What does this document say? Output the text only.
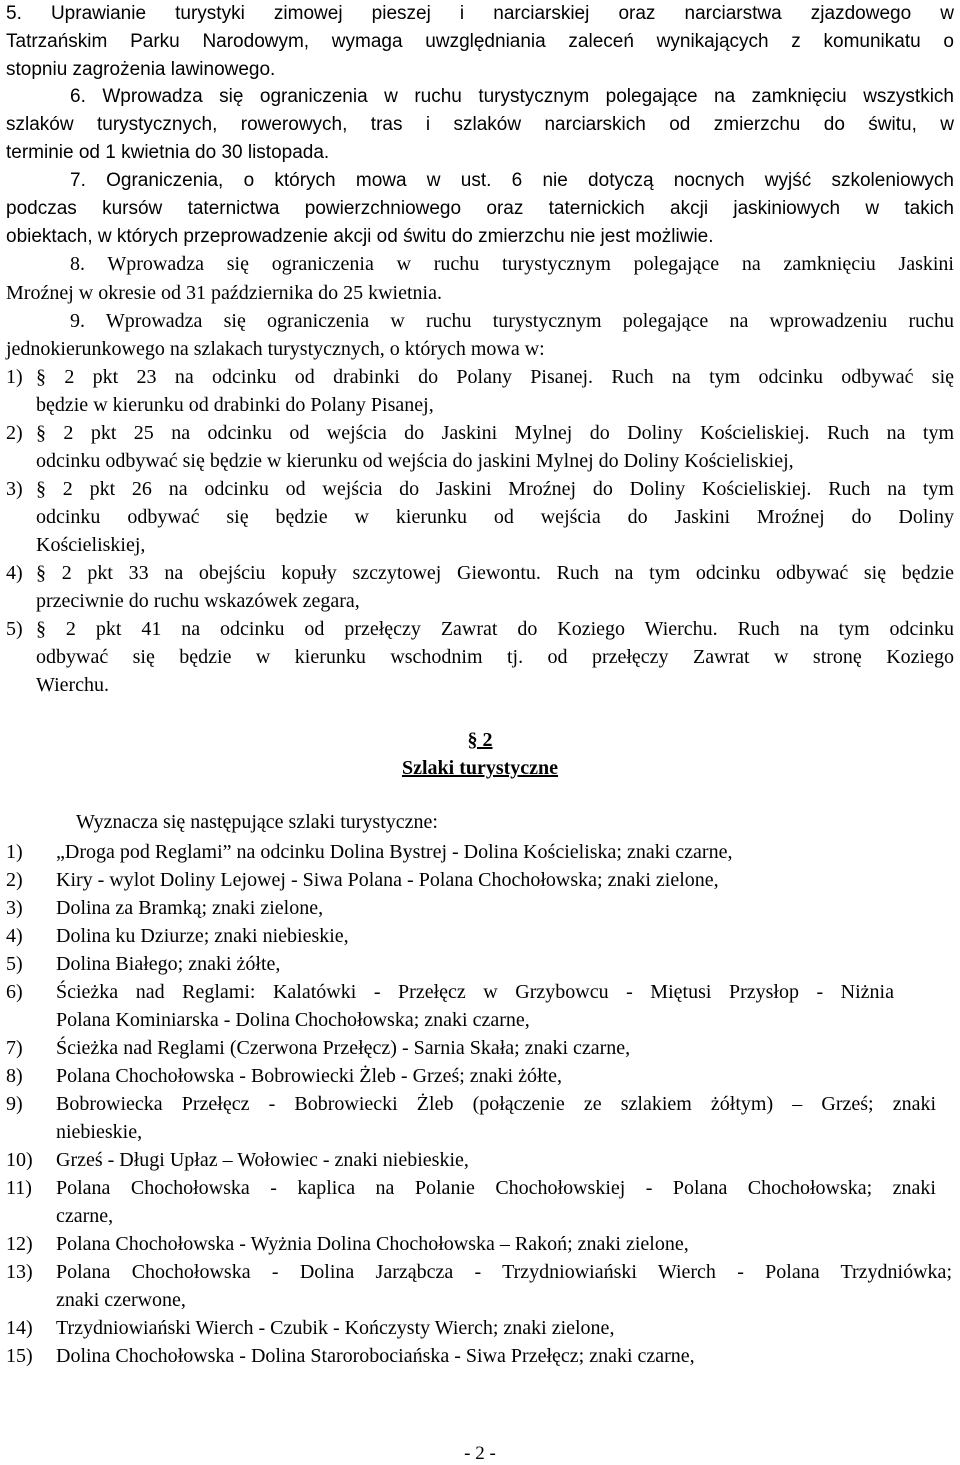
5. Uprawianie turystyki zimowej pieszej i narciarskiej oraz narciarstwa zjazdowego w
Tatrzańskim Parku Narodowym, wymaga uwzględniania zaleceń wynikających z komunikatu o
stopniu zagrożenia lawinowego.
6. Wprowadza się ograniczenia w ruchu turystycznym polegające na zamknięciu wszystkich
szlaków turystycznych, rowerowych, tras i szlaków narciarskich od zmierzchu do świtu, w
terminie od 1 kwietnia do 30 listopada.
7. Ograniczenia, o których mowa w ust. 6 nie dotyczą nocnych wyjść szkoleniowych
podczas kursów taternictwa powierzchniowego oraz taternickich akcji jaskiniowych w takich
obiektach, w których przeprowadzenie akcji od świtu do zmierzchu nie jest możliwie.
8. Wprowadza się ograniczenia w ruchu turystycznym polegające na zamknięciu Jaskini
Mroźnej w okresie od 31 października do 25 kwietnia.
9. Wprowadza się ograniczenia w ruchu turystycznym polegające na wprowadzeniu ruchu
jednokierunkowego na szlakach turystycznych, o których mowa w:
1) § 2 pkt 23 na odcinku od drabinki do Polany Pisanej. Ruch na tym odcinku odbywać się
będzie w kierunku od drabinki do Polany Pisanej,
2) § 2 pkt 25 na odcinku od wejścia do Jaskini Mylnej do Doliny Kościeliskiej. Ruch na tym
odcinku odbywać się będzie w kierunku od wejścia do jaskini Mylnej do Doliny Kościeliskiej,
3) § 2 pkt 26 na odcinku od wejścia do Jaskini Mroźnej do Doliny Kościeliskiej. Ruch na tym
odcinku odbywać się będzie w kierunku od wejścia do Jaskini Mroźnej do Doliny
Kościeliskiej,
4) § 2 pkt 33 na obejściu kopuły szczytowej Giewontu. Ruch na tym odcinku odbywać się będzie
przeciwnie do ruchu wskazówek zegara,
5) § 2 pkt 41 na odcinku od przełęczy Zawrat do Koziego Wierchu. Ruch na tym odcinku
odbywać się będzie w kierunku wschodnim tj. od przełęczy Zawrat w stronę Koziego
Wierchu.
§ 2
Szlaki turystyczne
Wyznacza się następujące szlaki turystyczne:
1) „Droga pod Reglami” na odcinku Dolina Bystrej - Dolina Kościeliska; znaki czarne,
2) Kiry - wylot Doliny Lejowej - Siwa Polana - Polana Chochołowska; znaki zielone,
3) Dolina za Bramką; znaki zielone,
4) Dolina ku Dziurze; znaki niebieskie,
5) Dolina Białego; znaki żółte,
6) Ścieżka nad Reglami: Kalatówki - Przełęcz w Grzybowcu - Miętusi Przysłop - Niżnia
Polana Kominiarska - Dolina Chochołowska; znaki czarne,
7) Ścieżka nad Reglami (Czerwona Przełęcz) - Sarnia Skała; znaki czarne,
8) Polana Chochołowska - Bobrowiecki Żleb - Grześ; znaki żółte,
9) Bobrowiecka Przełęcz - Bobrowiecki Żleb (połączenie ze szlakiem żółtym) – Grześ; znaki
niebieskie,
10) Grześ - Długi Upłaz – Wołowiec - znaki niebieskie,
11) Polana Chochołowska - kaplica na Polanie Chochołowskiej - Polana Chochołowska; znaki
czarne,
12) Polana Chochołowska - Wyżnia Dolina Chochołowska – Rakoń; znaki zielone,
13) Polana Chochołowska - Dolina Jarząbcza - Trzydniowiański Wierch - Polana Trzydniówka;
znaki czerwone,
14) Trzydniowiański Wierch - Czubik - Kończysty Wierch; znaki zielone,
15) Dolina Chochołowska - Dolina Starorobociańska - Siwa Przełęcz; znaki czarne,
- 2 -
